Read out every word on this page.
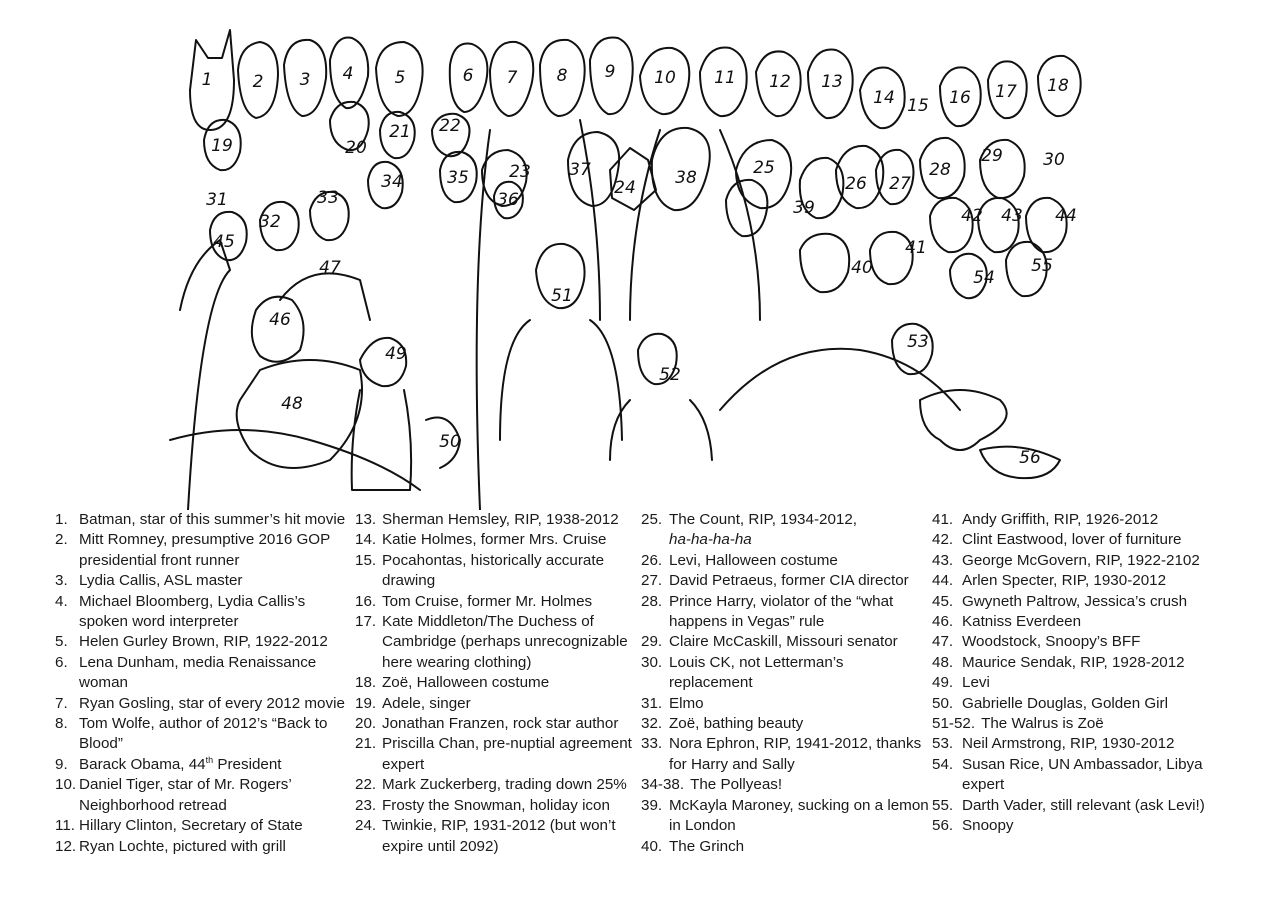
1 2 3 4 5	6 7 8 9 10 11 12 13
14 15 16 17 18
19	20
21 22
23
24
25
26 27
28
29 30
31
32
33
34	35
36
37	38
39
40
41
42 43 44
45
46
47
48
49
50
51
52
53
54
55
56
1. Batman, star of this summer’s hit movie
2. Mitt Romney, presumptive 2016 GOP presidential front runner
3. Lydia Callis, ASL master
4. Michael Bloomberg, Lydia Callis’s spoken word interpreter
5. Helen Gurley Brown, RIP, 1922-2012
6. Lena Dunham, media Renaissance woman
7. Ryan Gosling, star of every 2012 movie
8. Tom Wolfe, author of 2012’s “Back to Blood”
9. Barack Obama, 44th President
10. Daniel Tiger, star of Mr. Rogers’ Neighborhood retread
11. Hillary Clinton, Secretary of State
12. Ryan Lochte, pictured with grill
13. Sherman Hemsley, RIP, 1938-2012
14. Katie Holmes, former Mrs. Cruise
15. Pocahontas, historically accurate drawing
16. Tom Cruise, former Mr. Holmes
17. Kate Middleton/The Duchess of Cambridge (perhaps unrecognizable here wearing clothing)
18. Zoë, Halloween costume
19. Adele, singer
20. Jonathan Franzen, rock star author
21. Priscilla Chan, pre-nuptial agreement expert
22. Mark Zuckerberg, trading down 25%
23. Frosty the Snowman, holiday icon
24. Twinkie, RIP, 1931-2012 (but won’t expire until 2092)
25. The Count, RIP, 1934-2012,
ha-ha-ha-ha
26. Levi, Halloween costume
27. David Petraeus, former CIA director
28. Prince Harry, violator of the “what happens in Vegas” rule
29. Claire McCaskill, Missouri senator
30. Louis CK, not Letterman’s replacement
31. Elmo
32. Zoë, bathing beauty
33. Nora Ephron, RIP, 1941-2012, thanks for Harry and Sally
34-38. The Pollyeas!
39. McKayla Maroney, sucking on a lemon in London
40. The Grinch
41. Andy Griffith, RIP, 1926-2012
42. Clint Eastwood, lover of furniture
43. George McGovern, RIP, 1922-2102
44. Arlen Specter, RIP, 1930-2012
45. Gwyneth Paltrow, Jessica’s crush
46. Katniss Everdeen
47. Woodstock, Snoopy’s BFF
48. Maurice Sendak, RIP, 1928-2012
49. Levi
50. Gabrielle Douglas, Golden Girl
51-52. The Walrus is Zoë
53. Neil Armstrong, RIP, 1930-2012
54. Susan Rice, UN Ambassador, Libya expert
55. Darth Vader, still relevant (ask Levi!)
56. Snoopy
